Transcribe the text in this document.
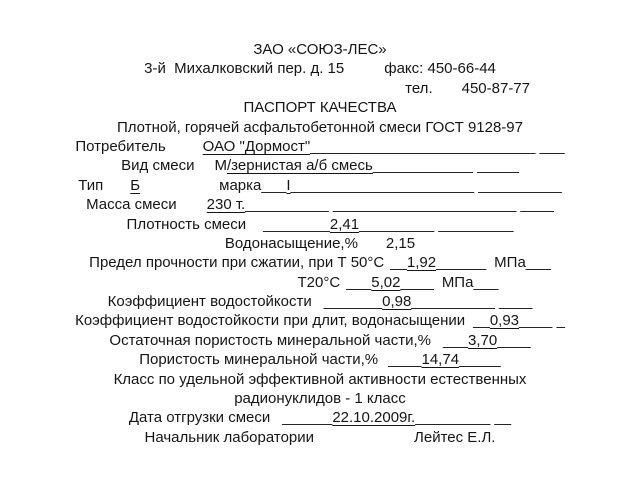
ЗАО «СОЮЗ-ЛЕС»
3-й  Михалковский пер. д. 15	факс: 450-66-44
тел. 450-87-77
ПАСПОРТ КАЧЕСТВА
Плотной, горячей асфальтобетонной смеси ГОСТ 9128-97
Потребитель ОАО "Дормост"___________________________ ___
Вид смеси М/зернистая а/б смесь____________ _____
Тип Б	марка___I______________________ __________
Масса смеси 230 т.__________ ______________________ ____
Плотность смеси ________2,41_________ _________
Водонасыщение,% 2,15
Предел прочности при сжатии, при Т 50°С __1,92______ МПа___
Т20°С ___5,02____ МПа___
Коэффициент водостойкости _______0,98__________ ____
Коэффициент водостойкости при длит, водонасыщении __0,93____ _
Остаточная пористость минеральной части,% ___3,70____
Пористость минеральной части,% ____14,74_____
Класс по удельной эффективной активности естественных
радионуклидов - 1 класс
Дата отгрузки смеси ______22.10.2009г._________ __
Начальник лаборатории	Лейтес Е.Л.
